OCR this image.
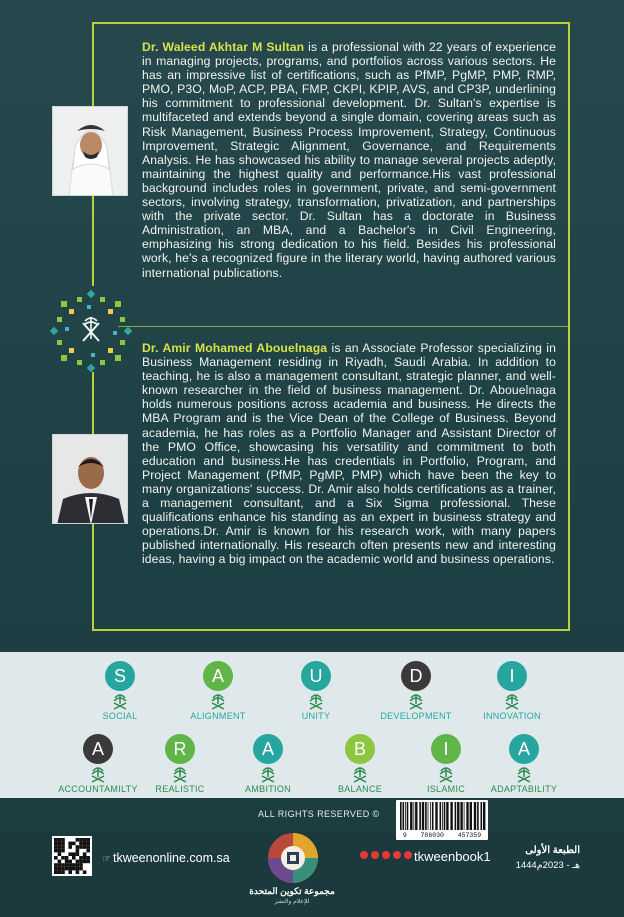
Dr. Waleed Akhtar M Sultan is a professional with 22 years of experience in managing projects, programs, and portfolios across various sectors. He has an impressive list of certifications, such as PfMP, PgMP, PMP, RMP, PMO, P3O, MoP, ACP, PBA, FMP, CKPI, KPIP, AVS, and CP3P, underlining his commitment to professional development. Dr. Sultan's expertise is multifaceted and extends beyond a single domain, covering areas such as Risk Management, Business Process Improvement, Strategy, Continuous Improvement, Strategic Alignment, Governance, and Requirements Analysis. He has showcased his ability to manage several projects adeptly, maintaining the highest quality and performance.His vast professional background includes roles in government, private, and semi-government sectors, involving strategy, transformation, privatization, and partnerships with the private sector. Dr. Sultan has a doctorate in Business Administration, an MBA, and a Bachelor's in Civil Engineering, emphasizing his strong dedication to his field. Besides his professional work, he's a recognized figure in the literary world, having authored various international publications.

Dr. Amir Mohamed Abouelnaga is an Associate Professor specializing in Business Management residing in Riyadh, Saudi Arabia. In addition to teaching, he is also a management consultant, strategic planner, and well-known researcher in the field of business management. Dr. Abouelnaga holds numerous positions across academia and business. He directs the MBA Program and is the Vice Dean of the College of Business. Beyond academia, he has roles as a Portfolio Manager and Assistant Director of the PMO Office, showcasing his versatility and commitment to both education and business.He has credentials in Portfolio, Program, and Project Management (PfMP, PgMP, PMP) which have been the key to many organizations' success. Dr. Amir also holds certifications as a trainer, a management consultant, and a Six Sigma professional. These qualifications enhance his standing as an expert in business strategy and operations.Dr. Amir is known for his research work, with many papers published internationally. His research often presents new and interesting ideas, having a big impact on the academic world and business operations.

S
SOCIAL
A
ALIGNMENT
U
UNITY
D
DEVELOPMENT
I
INNOVATION
A
ACCOUNTAMILTY
R
REALISTIC
A
AMBITION
B
BALANCE
I
ISLAMIC
A
ADAPTABILITY
ALL RIGHTS RESERVED ©
9 786030 457359
☞ tkweenonline.com.sa
مجموعة تكوين المتحدة
للإعلام والنشر
tkweenbook1	الطبعة الأولى
1444هـ - 2023م
